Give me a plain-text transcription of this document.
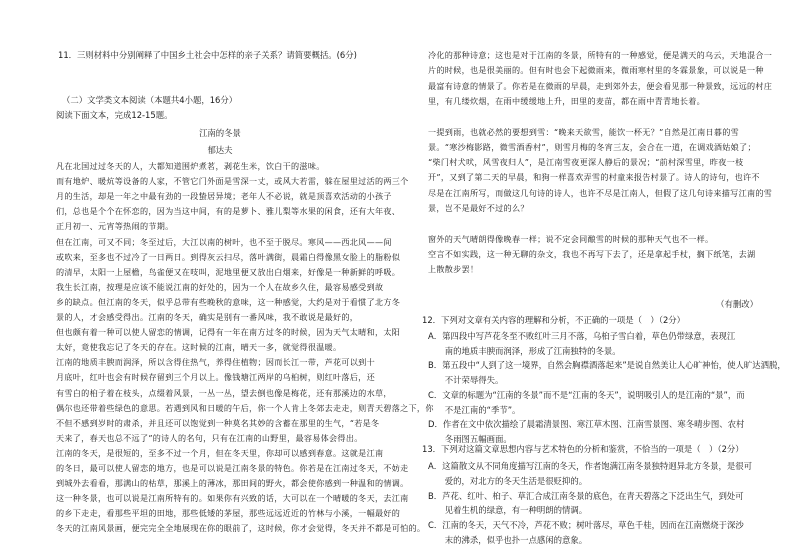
11．三则材料中分别阐释了中国乡土社会中怎样的亲子关系？请简要概括。(6分)
（二）文学类文本阅读（本题共4小题，16分）
阅读下面文本，完成12-15题。
江南的冬景
郁达夫
凡在北国过过冬天的人，大都知道围炉煮茗，剥花生米，饮白干的滋味。
而有地炉、暖炕等设备的人家，不管它门外面是雪深一丈，或风大若雷，躲在屋里过活的两三个
月的生活，却是一年之中最有劲的一段蛰居异境；老年人不必说，就是顶喜欢活动的小孩子
们，总也是个个在怀恋的，因为当这中间，有的是萝卜、雅儿梨等水果的闲食，还有大年夜、
正月初一、元宵等热闹的节期。
但在江南，可又不同；冬至过后，大江以南的树叶，也不至于脱尽。寒风——西北风——间
或吹来，至多也不过冷了一日两日。到得灰云扫尽，落叶满街，晨霜白得像黑女脸上的脂粉似
的清早，太阳一上屋檐，鸟雀便又在吱叫，泥地里便又放出白烟来，好像是一种新鲜的呼吸。
我生长江南，按理是应该不能说江南的好处的，因为一个人在故乡久住，最容易感受到故
乡的缺点。但江南的冬天，似乎总带有些晚秋的意味，这一种感觉，大约是对于看惯了北方冬
景的人，才会感受得出。江南的冬天，确实是别有一番风味，我不敢说是最好的，
但也颇有着一种可以使人留恋的情调，记得有一年在南方过冬的时候，因为天气太晴和，太阳
太好，竟使我忘记了冬天的存在。这时候的江南，晴天一多，就觉得很温暖。
江南的地质丰腴而润泽，所以含得住热气，养得住植物；因而长江一带，芦花可以到十
月底叶，红叶也会有时候存留到三个月以上。像钱塘江两岸的乌桕树，则红叶落后，还
有雪白的桕子着在枝头，点缀着风景，一丛一丛，望去倒也像是梅花，还有那溪边的水草，
偶尔也还带着些绿色的意思。若遇到风和日暖的午后，你一个人肯上冬郊去走走，则青天碧落之下，你
不但不感到岁时的肃杀，并且还可以饱觉到一种莫名其妙的含蓄在那里的生气，“若是冬
天来了，春天也总不远了”的诗人的名句，只有在江南的山野里，最容易体会得出。
江南的冬天，是很短的，至多不过一个月，但在冬天里，你却可以感到春意。这就是江南
的冬日，最可以使人留恋的地方，也是可以说是江南冬景的特色。你若是在江南过冬天，不妨走
到城外去看看，那满山的枯草，那溪上的薄冰，那田间的野火，都会使你感到一种温和的情调。
这一种冬景，也可以说是江南所特有的。如果你有兴致的话，大可以在一个晴暖的冬天，去江南
的乡下走走，看那些平坦的田地，那些低矮的茅屋，那些远远近近的竹林与小溪，一幅最好的
冬天的江南风景画，便完完全全地展现在你的眼前了，这时候，你才会觉得，冬天并不都是可怕的。
冷化的那种诗意；这也是对于江南的冬景，所特有的一种感觉，便是满天的乌云，天地混合一
片的时候，也是很美丽的。但有时也会下起微雨来，微雨寒村里的冬霖景象，可以说是一种
最富有诗意的情景了。你若是在微雨的早晨，走到郊外去，便会看见那一种景致，远远的村庄
里，有几缕炊烟，在雨中缓缓地上升，田里的麦苗，都在雨中青青地长着。
一提到雨，也就必然的要想到雪：“晚来天欲雪，能饮一杯无？”自然是江南日暮的雪
景。“寒沙梅影路，微雪酒香村”，则雪月梅的冬宵三友，会合在一道，在调戏酒姑娘了；
“柴门村犬吠，风雪夜归人”，是江南雪夜更深人静后的景况；“前村深雪里，昨夜一枝
开”，又到了第二天的早晨，和狗一样喜欢弄雪的村童来报告村景了。诗人的诗句，也许不
尽是在江南所写，而做这几句诗的诗人，也许不尽是江南人，但假了这几句诗来描写江南的雪
景，岂不是最好不过的么？
窗外的天气晴朗得像晚春一样；说不定会同酿雪的时候的那种天气也不一样。
空言不如实践，这一种无聊的杂文，我也不再写下去了，还是拿起手杖，搁下纸笔，去湖
上散散步罢！
（有删改）
12．下列对文章有关内容的理解和分析，不正确的一项是（　）（2分）
A．第四段中写芦花冬至不败红叶三月不落，乌桕子雪白着，草色仍带绿意，表现江
　　南的地质丰腴而润泽，形成了江南独特的冬景。
B．第五段中“人到了这一境界，自然会胸襟酒落起来”是说自然美让人心旷神怡，使人旷达洒脱，
　　不计荣辱得失。
C．文章的标题为“江南的冬景”而不是“江南的冬天”，说明吸引人的是江南的“景”，而
　　不是江南的“季节”。
D．作者在文中依次描绘了晨霜清景图、寒江草木图、江南雪景图、寒冬晴步图、农村
　　冬雨图五幅画面。
13．下列对这篇文章思想内容与艺术特色的分析和鉴赏，不恰当的一项是（　）（2分）
A．这篇散文从不同角度描写江南的冬天，作者饱满江南冬景独特迥异北方冬景，是很可
　　爱的，对北方的冬天生活是很贬抑的。
B．芦花、红叶、桕子、草汇合成江南冬景的底色，在青天碧落之下泛出生气，到处可
　　见着生机的绿意，有一种明朗的情调。
C．江南的冬天，天气不冷，芦花不败；树叶落尽，草色千桂，因而在江南燃烧于深沙
　　末的沸杀，似乎也扑一点感闲的意象。
